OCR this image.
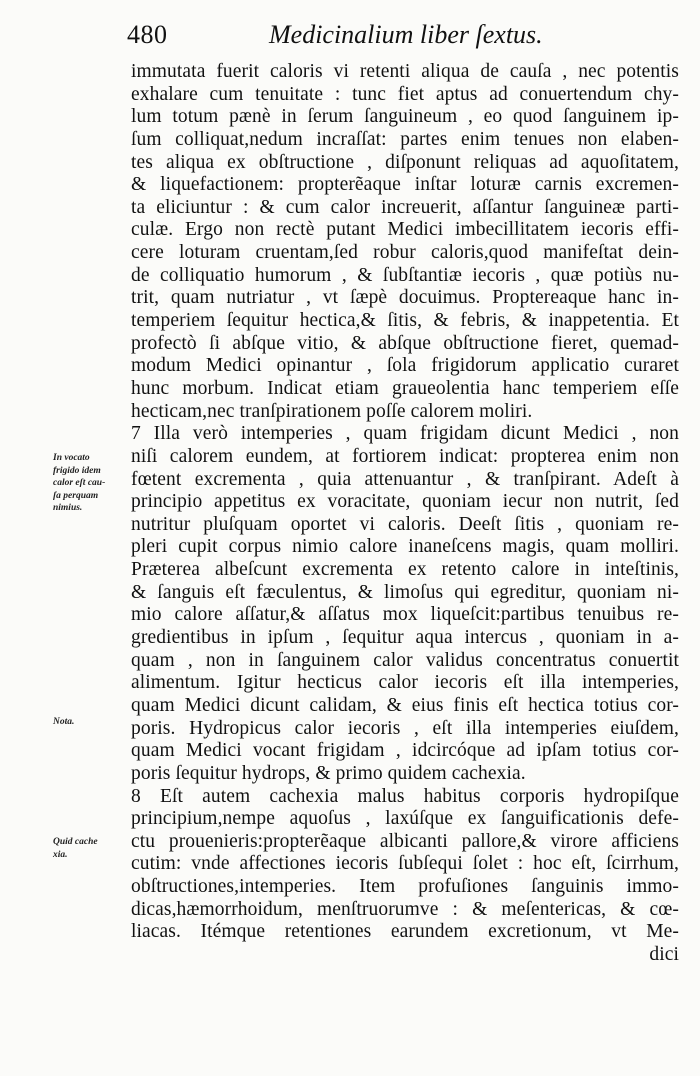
480	Medicinalium liber ſextus.
immutata fuerit caloris vi retenti aliqua de cauſa , nec potentis
exhalare cum tenuitate : tunc fiet aptus ad conuertendum chy-
lum totum pænè in ſerum ſanguineum , eo quod ſanguinem ip-
ſum colliquat,nedum incraſſat: partes enim tenues non elaben-
tes aliqua ex obſtructione , diſponunt reliquas ad aquoſitatem,
& liquefactionem: propterẽaque inſtar loturæ carnis excremen-
ta eliciuntur : & cum calor increuerit, aſſantur ſanguineæ parti-
culæ. Ergo non rectè putant Medici imbecillitatem iecoris effi-
cere loturam cruentam,ſed robur caloris,quod manifeſtat dein-
de colliquatio humorum , & ſubſtantiæ iecoris , quæ potiùs nu-
trit, quam nutriatur , vt ſæpè docuimus. Proptereaque hanc in-
temperiem ſequitur hectica,& ſitis, & febris, & inappetentia. Et
profectò ſi abſque vitio, & abſque obſtructione fieret, quemad-
modum Medici opinantur , ſola frigidorum applicatio curaret
hunc morbum. Indicat etiam graueolentia hanc temperiem eſſe
hecticam,nec tranſpirationem poſſe calorem moliri.
7 Illa verò intemperies , quam frigidam dicunt Medici , non
niſi calorem eundem, at fortiorem indicat: propterea enim non
fœtent excrementa , quia attenuantur , & tranſpirant. Adeſt à
principio appetitus ex voracitate, quoniam iecur non nutrit, ſed
nutritur pluſquam oportet vi caloris. Deeſt ſitis , quoniam re-
pleri cupit corpus nimio calore inaneſcens magis, quam molliri.
Præterea albeſcunt excrementa ex retento calore in inteſtinis,
& ſanguis eſt fæculentus, & limoſus qui egreditur, quoniam ni-
mio calore aſſatur,& aſſatus mox liqueſcit:partibus tenuibus re-
gredientibus in ipſum , ſequitur aqua intercus , quoniam in a-
quam , non in ſanguinem calor validus concentratus conuertit
alimentum. Igitur hecticus calor iecoris eſt illa intemperies,
quam Medici dicunt calidam, & eius finis eſt hectica totius cor-
poris. Hydropicus calor iecoris , eſt illa intemperies eiuſdem,
quam Medici vocant frigidam , idcircóque ad ipſam totius cor-
poris ſequitur hydrops, & primo quidem cachexia.
8 Eſt autem cachexia malus habitus corporis hydropiſque
principium,nempe aquoſus , laxúſque ex ſanguificationis defe-
ctu prouenieris:propterẽaque albicanti pallore,& virore afficiens
cutim: vnde affectiones iecoris ſubſequi ſolet : hoc eſt, ſcirrhum,
obſtructiones,intemperies. Item profuſiones ſanguinis immo-
dicas,hæmorrhoidum, menſtruorumve : & meſentericas, & cœ-
liacas. Itémque retentiones earundem excretionum, vt Me-
dici
In vocato
frigido idem
calor eſt cau-
ſa perquam
nimius.
Nota.
Quid cache
xia.
